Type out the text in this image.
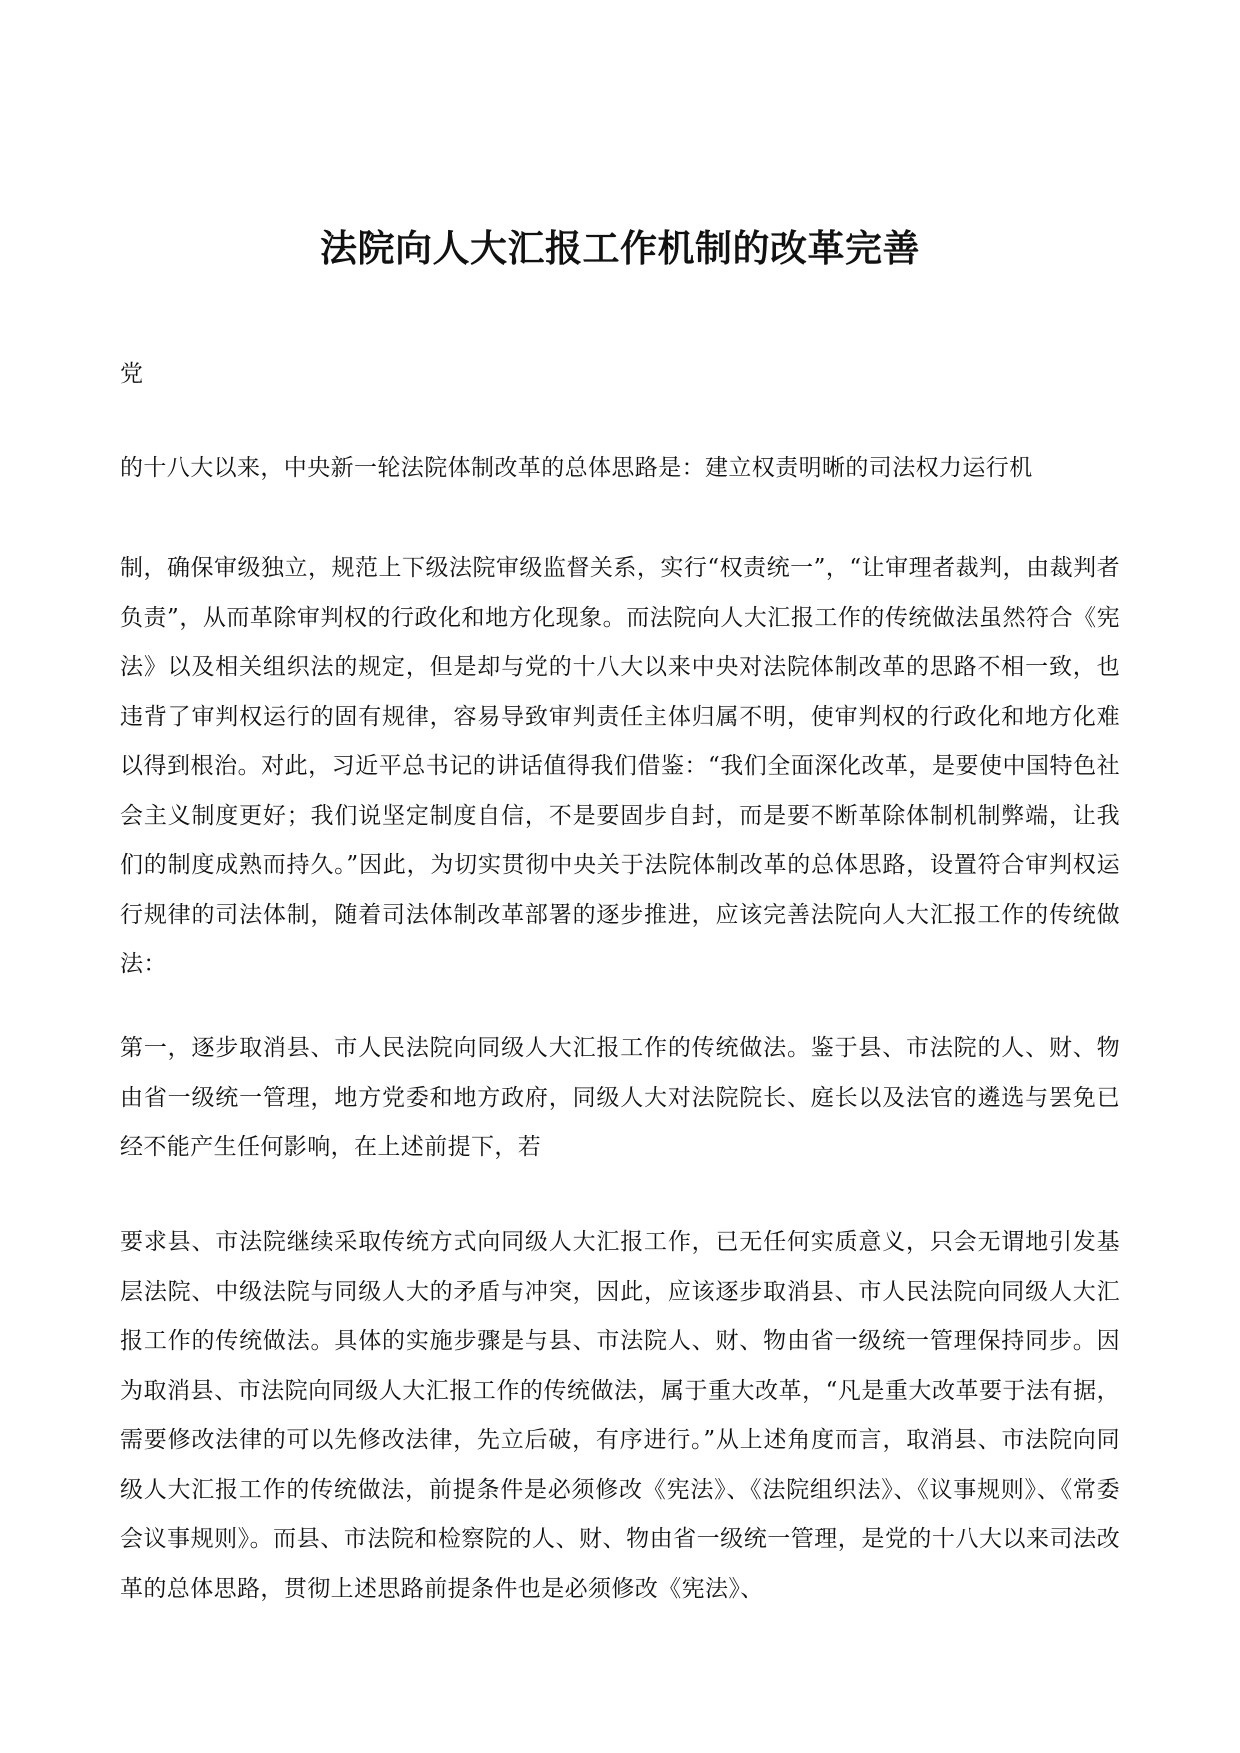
法院向人大汇报工作机制的改革完善

党

的十八大以来，中央新一轮法院体制改革的总体思路是：建立权责明晰的司法权力运行机

制，确保审级独立，规范上下级法院审级监督关系，实行“权责统一”，“让审理者裁判，由裁判者负责”，从而革除审判权的行政化和地方化现象。而法院向人大汇报工作的传统做法虽然符合《宪法》以及相关组织法的规定，但是却与党的十八大以来中央对法院体制改革的思路不相一致，也违背了审判权运行的固有规律，容易导致审判责任主体归属不明，使审判权的行政化和地方化难以得到根治。对此，习近平总书记的讲话值得我们借鉴：“我们全面深化改革，是要使中国特色社会主义制度更好；我们说坚定制度自信，不是要固步自封，而是要不断革除体制机制弊端，让我们的制度成熟而持久。”因此，为切实贯彻中央关于法院体制改革的总体思路，设置符合审判权运行规律的司法体制，随着司法体制改革部署的逐步推进，应该完善法院向人大汇报工作的传统做法：

第一，逐步取消县、市人民法院向同级人大汇报工作的传统做法。鉴于县、市法院的人、财、物由省一级统一管理，地方党委和地方政府，同级人大对法院院长、庭长以及法官的遴选与罢免已经不能产生任何影响，在上述前提下，若

要求县、市法院继续采取传统方式向同级人大汇报工作，已无任何实质意义，只会无谓地引发基层法院、中级法院与同级人大的矛盾与冲突，因此，应该逐步取消县、市人民法院向同级人大汇报工作的传统做法。具体的实施步骤是与县、市法院人、财、物由省一级统一管理保持同步。因为取消县、市法院向同级人大汇报工作的传统做法，属于重大改革，“凡是重大改革要于法有据，需要修改法律的可以先修改法律，先立后破，有序进行。”从上述角度而言，取消县、市法院向同级人大汇报工作的传统做法，前提条件是必须修改《宪法》、《法院组织法》、《议事规则》、《常委会议事规则》。而县、市法院和检察院的人、财、物由省一级统一管理，是党的十八大以来司法改革的总体思路，贯彻上述思路前提条件也是必须修改《宪法》、
